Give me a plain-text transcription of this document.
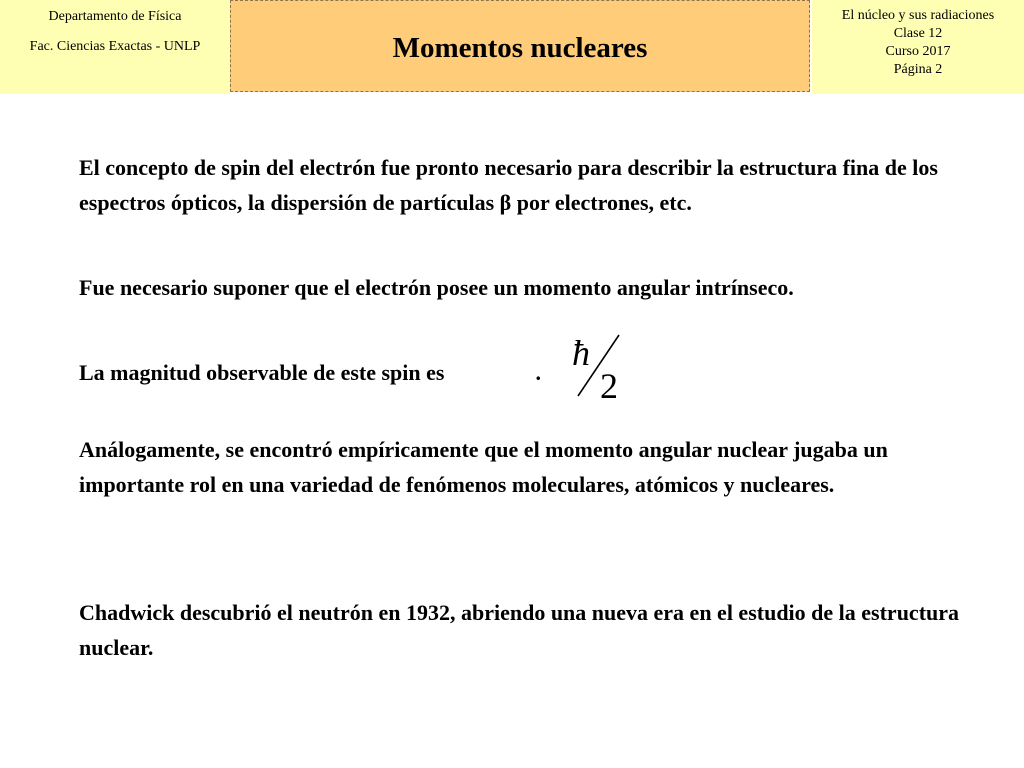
Departamento de Física
Fac. Ciencias Exactas - UNLP	Momentos nucleares
El núcleo y sus radiaciones
Clase 12
Curso 2017
Página 2
El concepto de spin del electrón fue pronto necesario para describir la estructura fina de los espectros ópticos, la dispersión de partículas β por electrones, etc.
Fue necesario suponer que el electrón posee un momento angular intrínseco.
La magnitud observable de este spin es	. ħ
2
Análogamente, se encontró empíricamente que el momento angular nuclear jugaba un importante rol en una variedad de fenómenos moleculares, atómicos y nucleares.
Chadwick descubrió el neutrón en 1932, abriendo una nueva era en el estudio de la estructura nuclear.
